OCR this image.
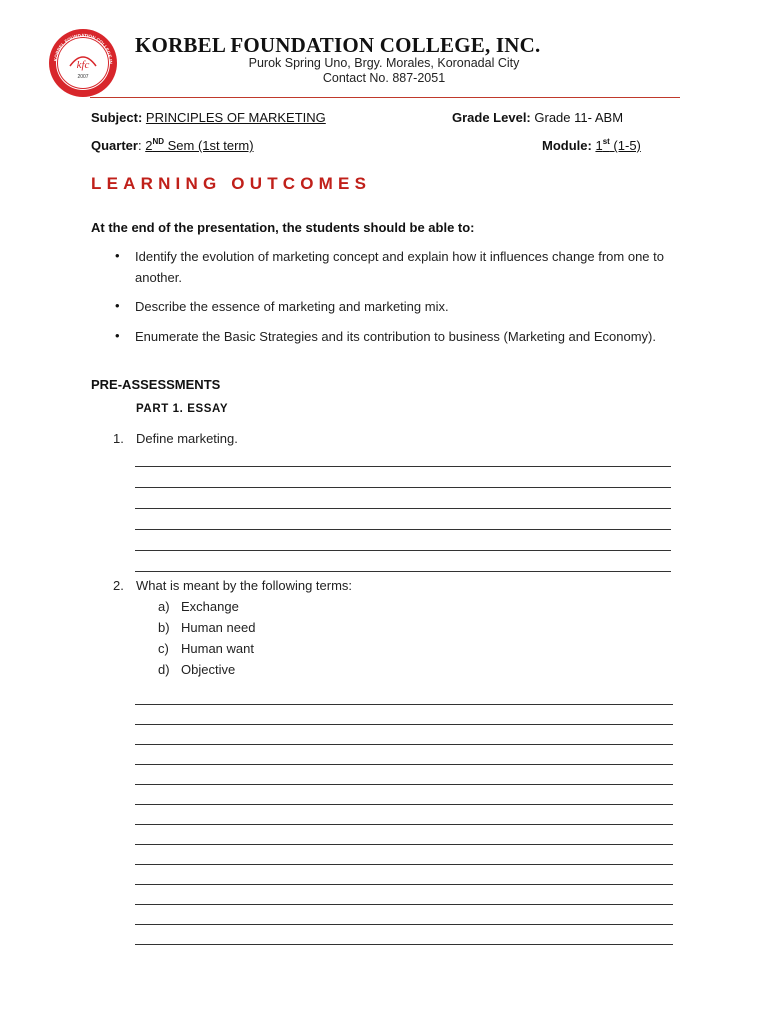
kfc
2007
KORBEL FOUNDATION COLLEGE IN
KORBEL FOUNDATION COLLEGE, INC.
Purok Spring Uno, Brgy. Morales, Koronadal City
Contact No. 887-2051
Subject: PRINCIPLES OF MARKETING	Grade Level: Grade 11- ABM
Quarter: 2ND Sem (1st term)	Module: 1st (1-5)
LEARNING OUTCOMES
At the end of the presentation, the students should be able to:
• Identify the evolution of marketing concept and explain how it influences change from one to another.
• Describe the essence of marketing and marketing mix.
• Enumerate the Basic Strategies and its contribution to business (Marketing and Economy).
PRE-ASSESSMENTS
PART 1. ESSAY
1. Define marketing.
2. What is meant by the following terms:
a) Exchange
b) Human need
c) Human want
d) Objective
